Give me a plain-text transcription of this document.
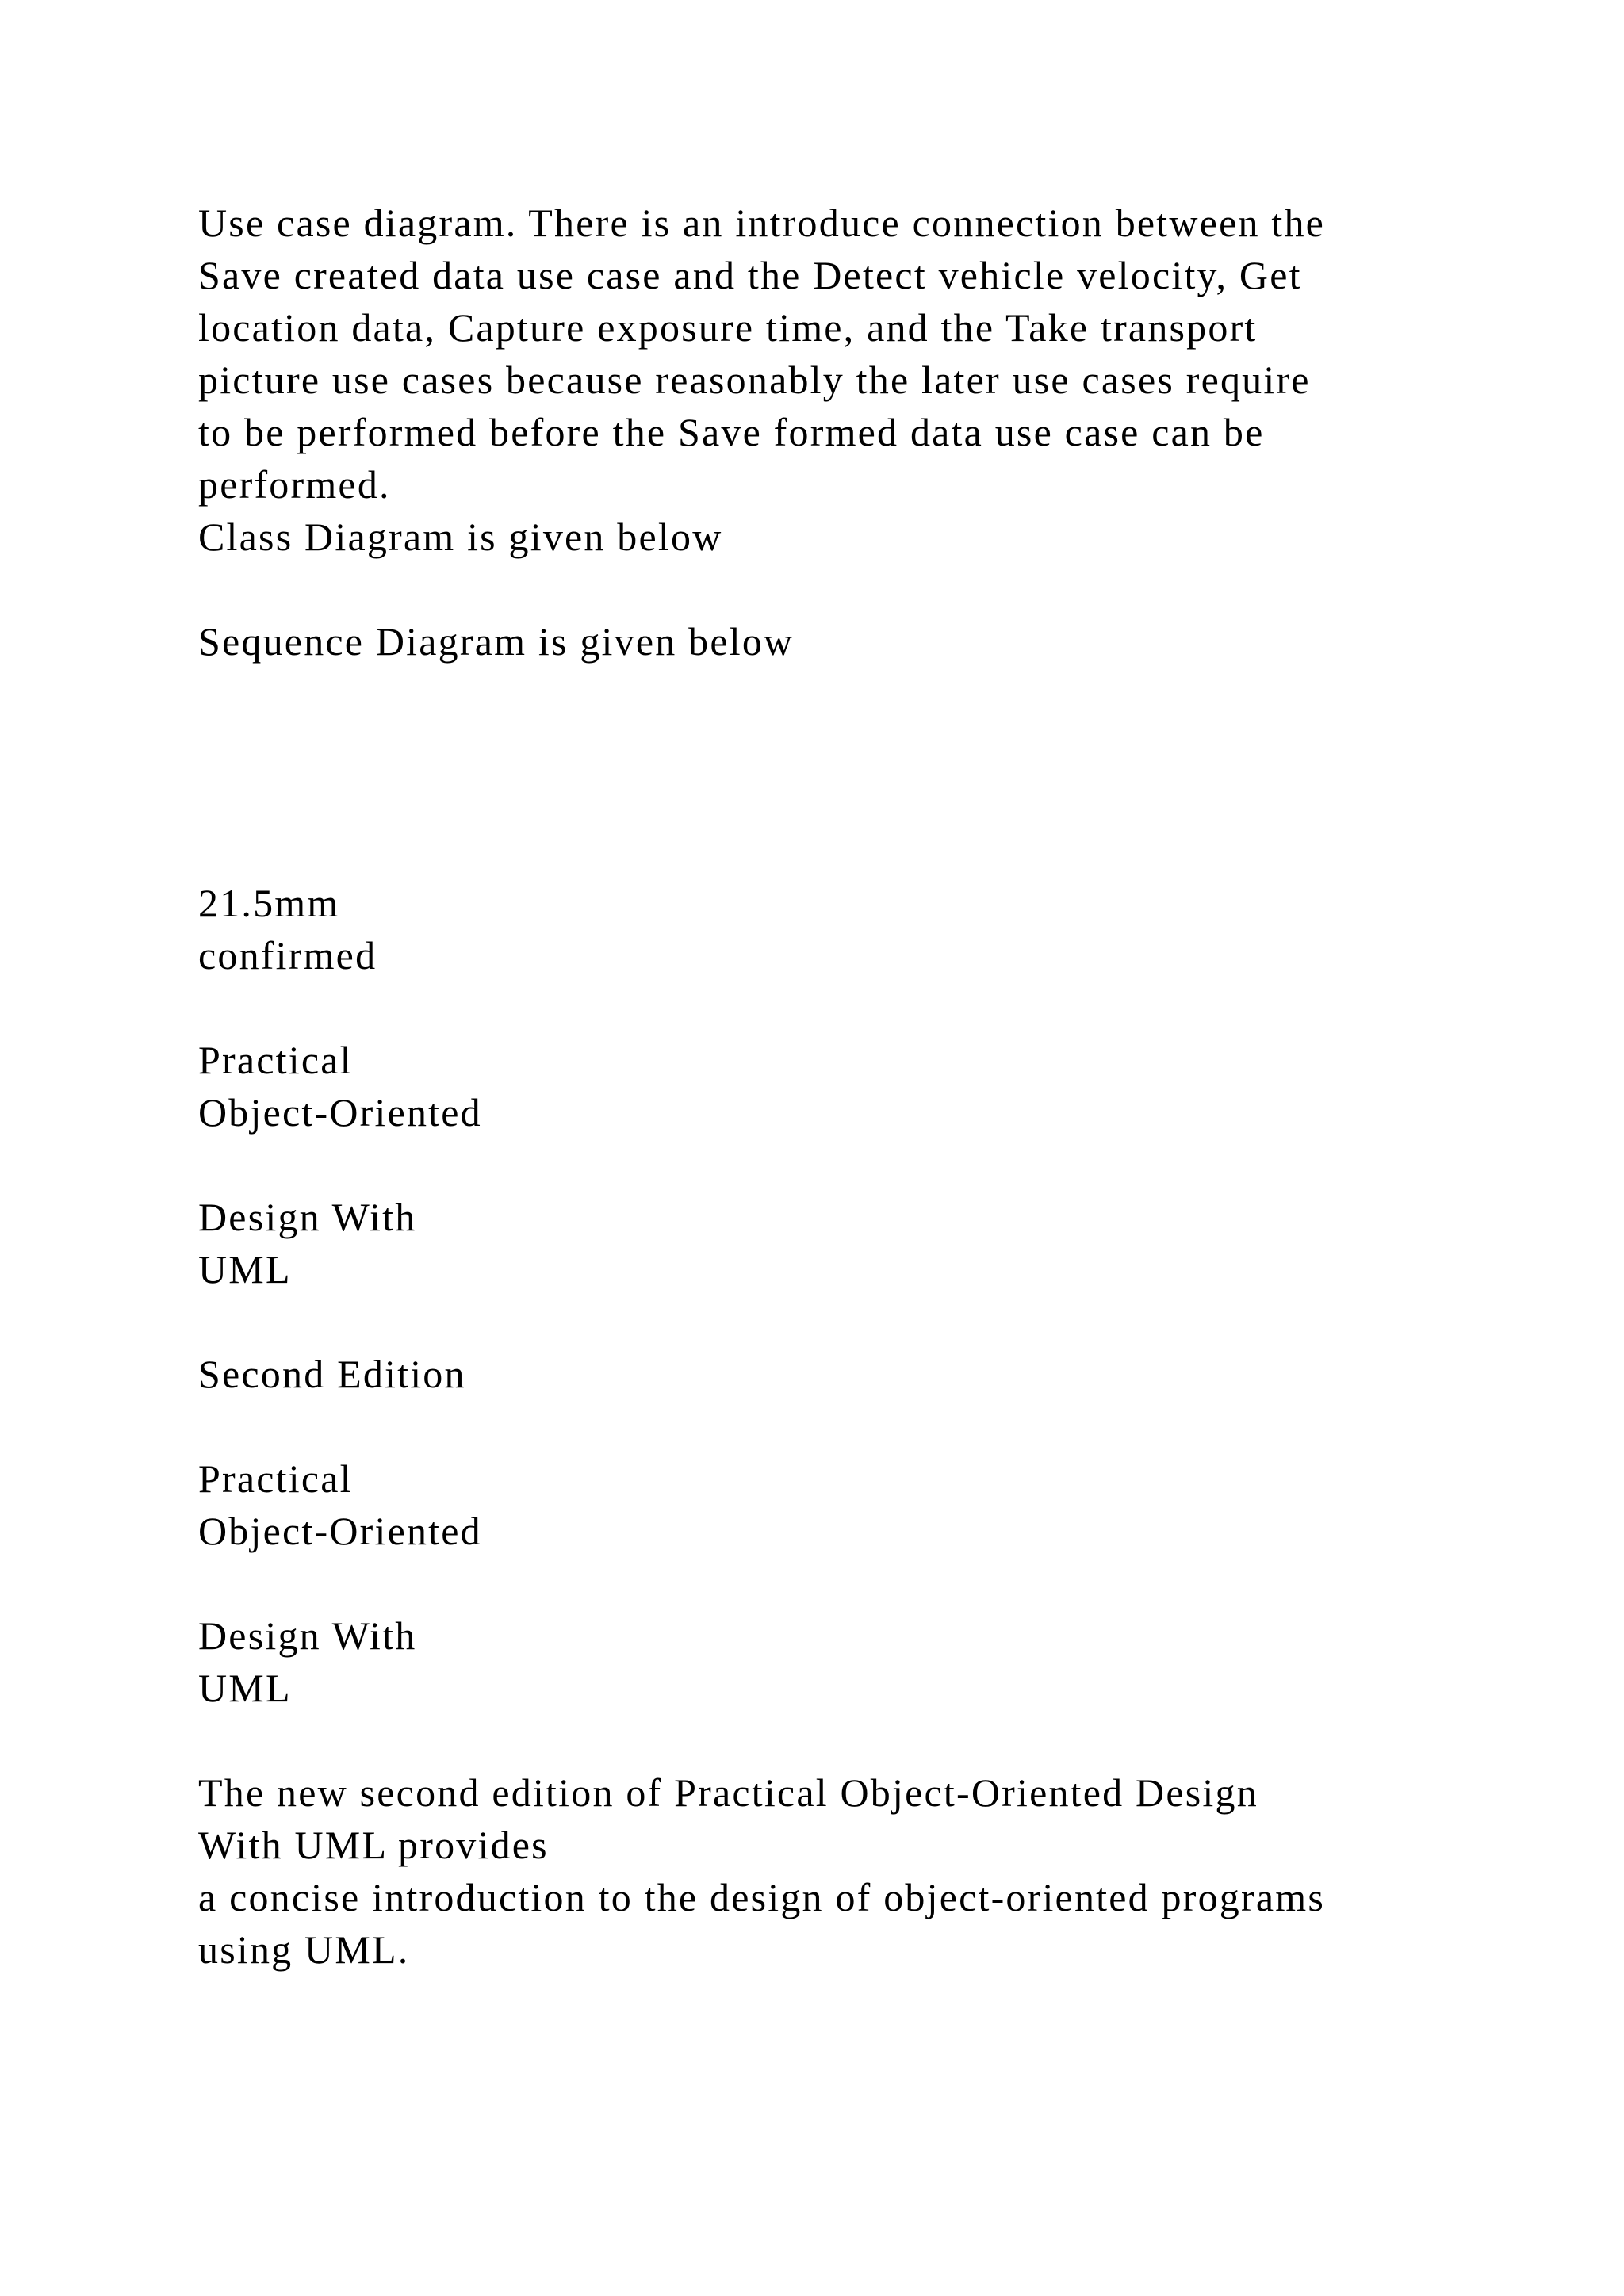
Use case diagram. There is an introduce connection between the
Save created data use case and the Detect vehicle velocity, Get
location data, Capture exposure time, and the Take transport
picture use cases because reasonably the later use cases require
to be performed before the Save formed data use case can be
performed.
Class Diagram is given below
Sequence Diagram is given below
21.5mm
confirmed
Practical
Object-Oriented
Design With
UML
Second Edition
Practical
Object-Oriented
Design With
UML
The new second edition of Practical Object-Oriented Design
With UML provides
a concise introduction to the design of object-oriented programs
using UML.
